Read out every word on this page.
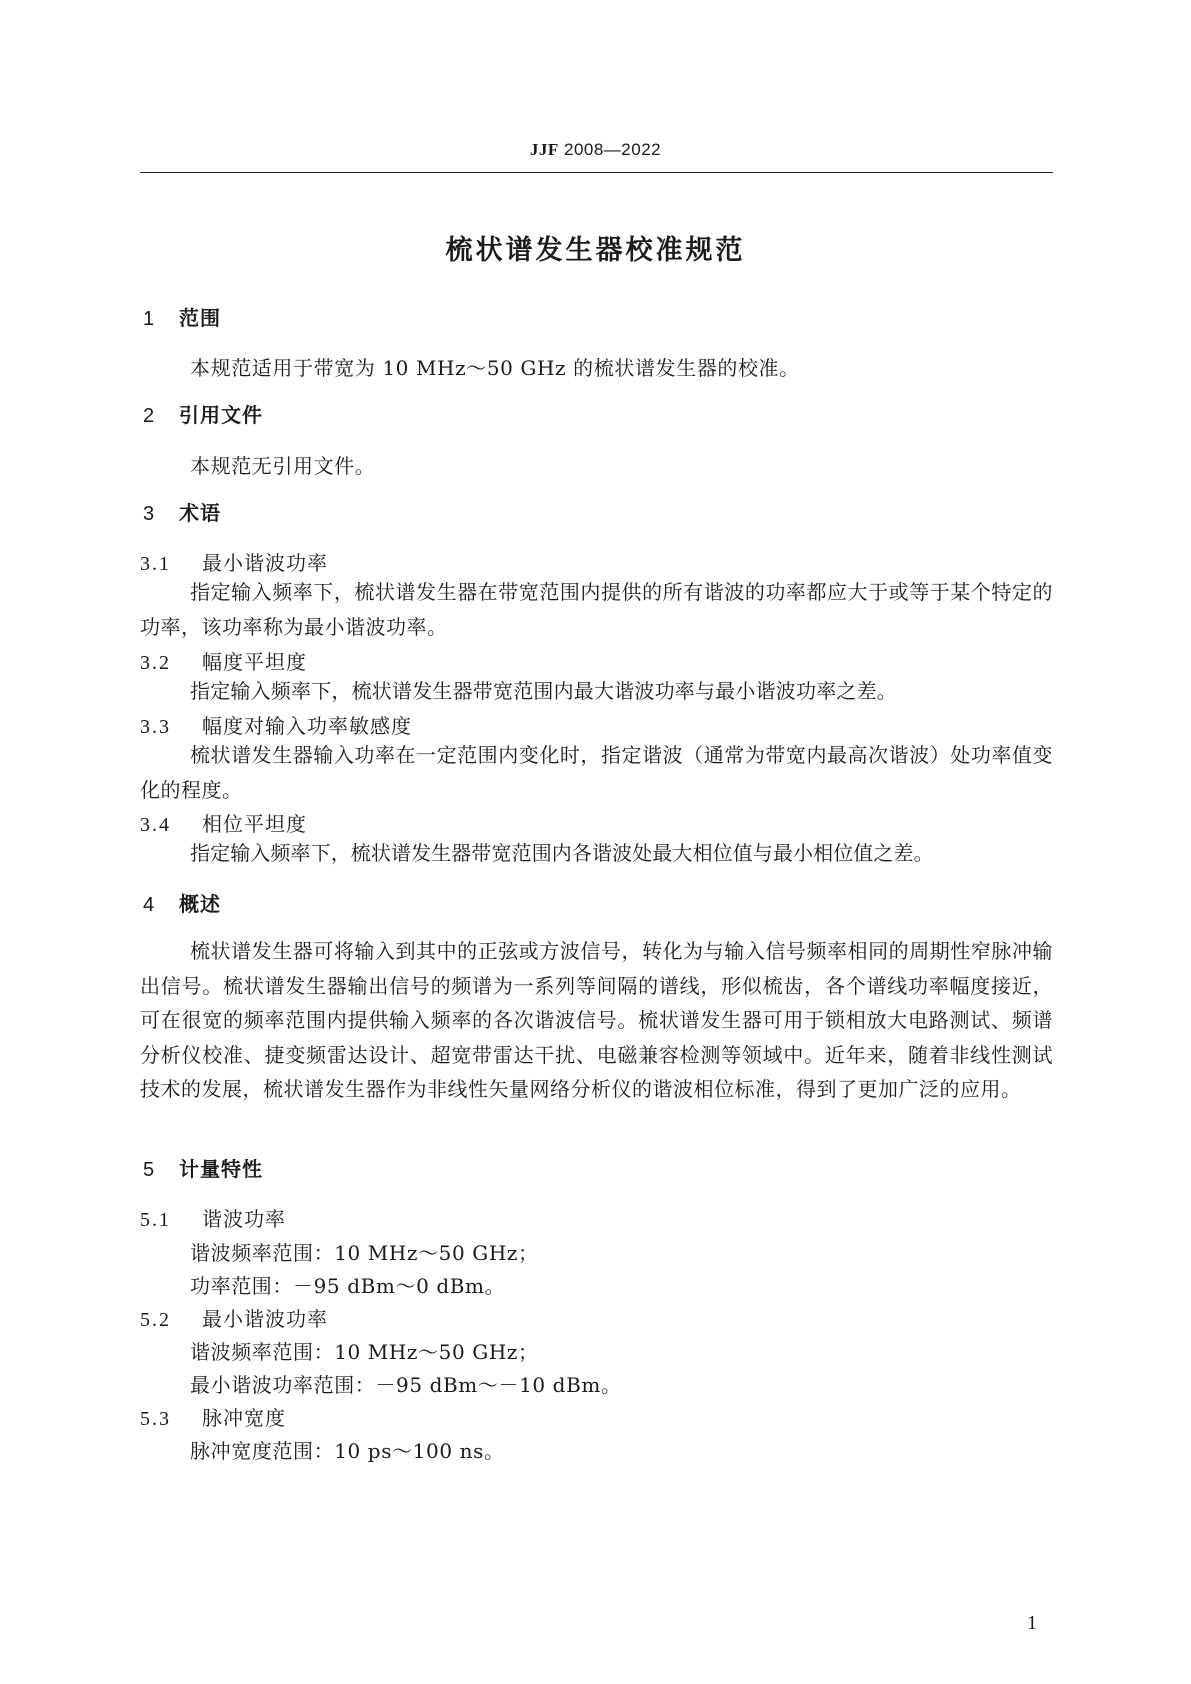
JJF 2008—2022
梳状谱发生器校准规范
1 范围
本规范适用于带宽为 10 MHz～50 GHz 的梳状谱发生器的校准。
2 引用文件
本规范无引用文件。
3 术语
3.1 最小谐波功率
指定输入频率下，梳状谱发生器在带宽范围内提供的所有谐波的功率都应大于或等于某个特定的功率，该功率称为最小谐波功率。
3.2 幅度平坦度
指定输入频率下，梳状谱发生器带宽范围内最大谐波功率与最小谐波功率之差。
3.3 幅度对输入功率敏感度
梳状谱发生器输入功率在一定范围内变化时，指定谐波（通常为带宽内最高次谐波）处功率值变化的程度。
3.4 相位平坦度
指定输入频率下，梳状谱发生器带宽范围内各谐波处最大相位值与最小相位值之差。
4 概述
梳状谱发生器可将输入到其中的正弦或方波信号，转化为与输入信号频率相同的周期性窄脉冲输出信号。梳状谱发生器输出信号的频谱为一系列等间隔的谱线，形似梳齿，各个谱线功率幅度接近，可在很宽的频率范围内提供输入频率的各次谐波信号。梳状谱发生器可用于锁相放大电路测试、频谱分析仪校准、捷变频雷达设计、超宽带雷达干扰、电磁兼容检测等领域中。近年来，随着非线性测试技术的发展，梳状谱发生器作为非线性矢量网络分析仪的谐波相位标准，得到了更加广泛的应用。
5 计量特性
5.1 谐波功率
谐波频率范围：10 MHz～50 GHz；
功率范围：－95 dBm～0 dBm。
5.2 最小谐波功率
谐波频率范围：10 MHz～50 GHz；
最小谐波功率范围：－95 dBm～－10 dBm。
5.3 脉冲宽度
脉冲宽度范围：10 ps～100 ns。
1
